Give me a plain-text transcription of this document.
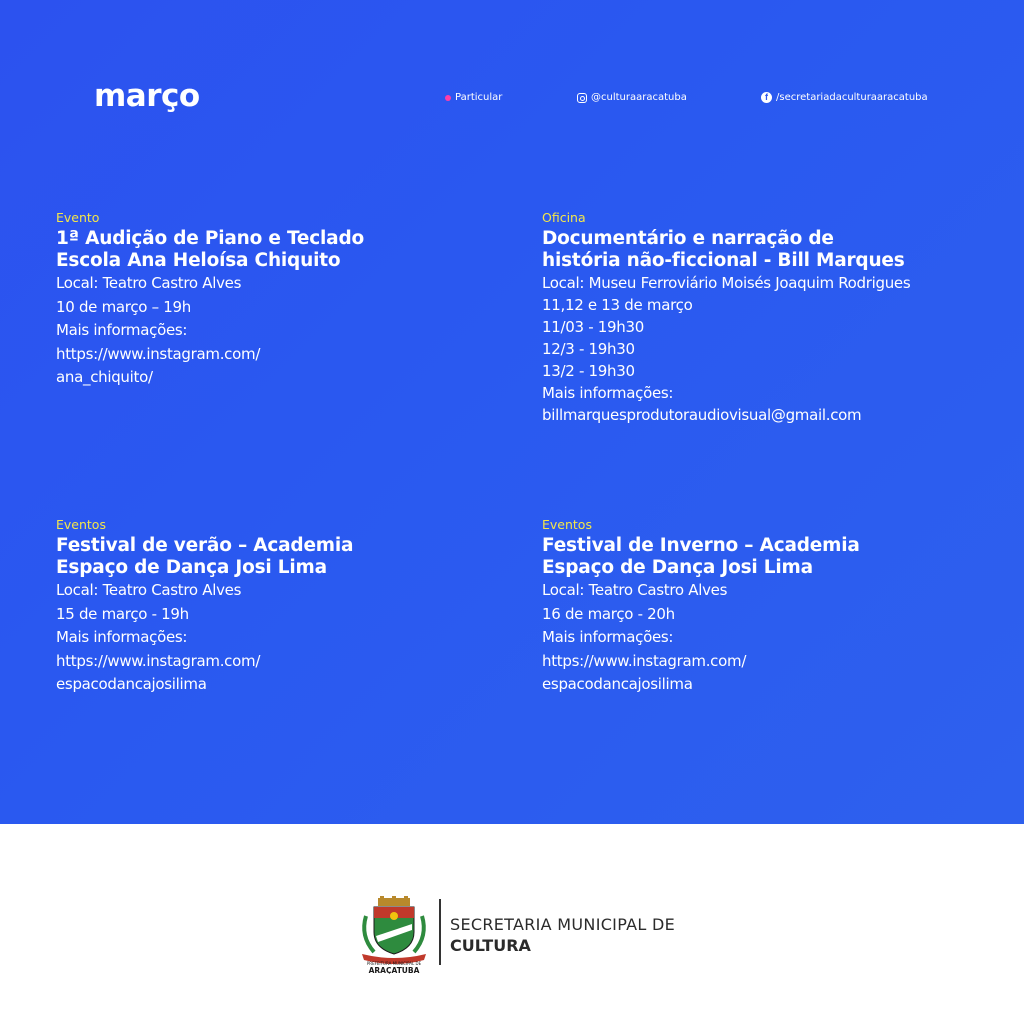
março	Particular	@culturaaracatuba	f /secretariadaculturaaracatuba
Evento
1ª Audição de Piano e Teclado
Escola Ana Heloísa Chiquito
Local: Teatro Castro Alves
10 de março – 19h
Mais informações:
https://www.instagram.com/
ana_chiquito/
Oficina
Documentário e narração de
história não-ficcional - Bill Marques
Local: Museu Ferroviário Moisés Joaquim Rodrigues
11,12 e 13 de março
11/03 - 19h30
12/3 - 19h30
13/2 - 19h30
Mais informações:
billmarquesprodutoraudiovisual@gmail.com
Eventos
Festival de verão – Academia
Espaço de Dança Josi Lima
Local: Teatro Castro Alves
15 de março - 19h
Mais informações:
https://www.instagram.com/
espacodancajosilima
Eventos
Festival de Inverno – Academia
Espaço de Dança Josi Lima
Local: Teatro Castro Alves
16 de março - 20h
Mais informações:
https://www.instagram.com/
espacodancajosilima
PREFEITURA MUNICIPAL DE
ARAÇATUBA
SECRETARIA MUNICIPAL DE
CULTURA
